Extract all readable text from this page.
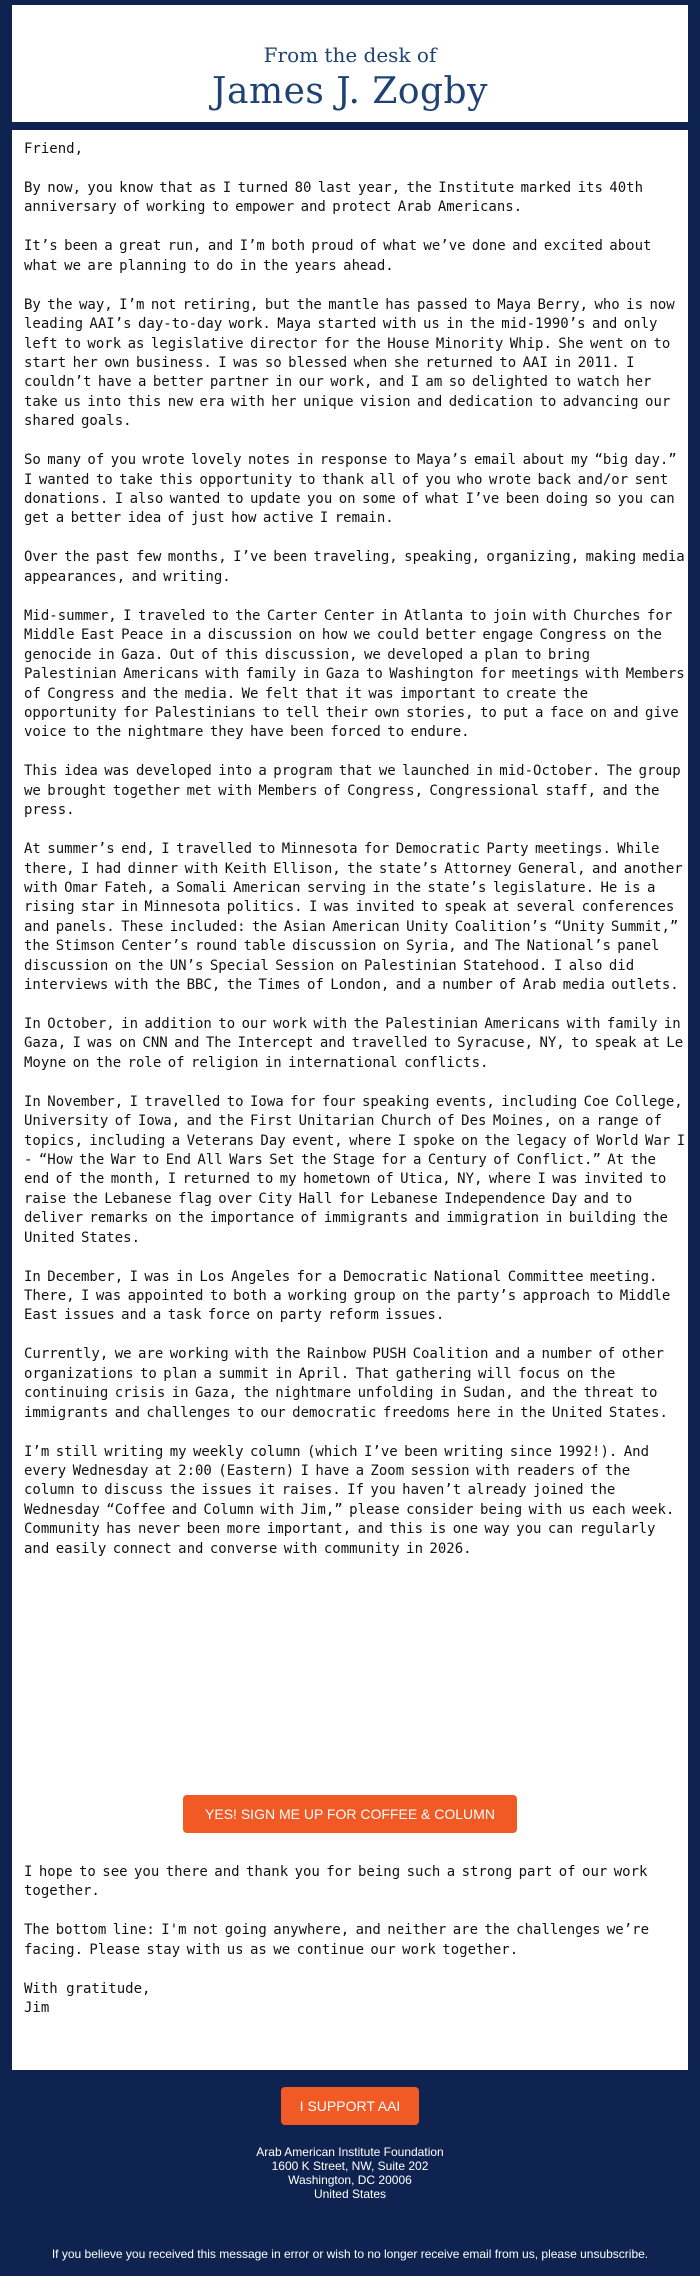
From the desk of
James J. Zogby

Friend,

By now, you know that as I turned 80 last year, the Institute marked its 40th anniversary of working to empower and protect Arab Americans.

It’s been a great run, and I’m both proud of what we’ve done and excited about what we are planning to do in the years ahead.

By the way, I’m not retiring, but the mantle has passed to Maya Berry, who is now leading AAI’s day-to-day work. Maya started with us in the mid-1990’s and only left to work as legislative director for the House Minority Whip. She went on to start her own business. I was so blessed when she returned to AAI in 2011. I couldn’t have a better partner in our work, and I am so delighted to watch her take us into this new era with her unique vision and dedication to advancing our shared goals.

So many of you wrote lovely notes in response to Maya’s email about my “big day.” I wanted to take this opportunity to thank all of you who wrote back and/or sent donations. I also wanted to update you on some of what I’ve been doing so you can get a better idea of just how active I remain.

Over the past few months, I’ve been traveling, speaking, organizing, making media appearances, and writing.

Mid-summer, I traveled to the Carter Center in Atlanta to join with Churches for Middle East Peace in a discussion on how we could better engage Congress on the genocide in Gaza. Out of this discussion, we developed a plan to bring Palestinian Americans with family in Gaza to Washington for meetings with Members of Congress and the media. We felt that it was important to create the opportunity for Palestinians to tell their own stories, to put a face on and give voice to the nightmare they have been forced to endure.

This idea was developed into a program that we launched in mid-October. The group we brought together met with Members of Congress, Congressional staff, and the press.

At summer’s end, I travelled to Minnesota for Democratic Party meetings. While there, I had dinner with Keith Ellison, the state’s Attorney General, and another with Omar Fateh, a Somali American serving in the state’s legislature. He is a rising star in Minnesota politics. I was invited to speak at several conferences and panels. These included: the Asian American Unity Coalition’s “Unity Summit,” the Stimson Center’s round table discussion on Syria, and The National’s panel discussion on the UN’s Special Session on Palestinian Statehood. I also did interviews with the BBC, the Times of London, and a number of Arab media outlets.

In October, in addition to our work with the Palestinian Americans with family in Gaza, I was on CNN and The Intercept and travelled to Syracuse, NY, to speak at Le Moyne on the role of religion in international conflicts.

In November, I travelled to Iowa for four speaking events, including Coe College, University of Iowa, and the First Unitarian Church of Des Moines, on a range of topics, including a Veterans Day event, where I spoke on the legacy of World War I - “How the War to End All Wars Set the Stage for a Century of Conflict.” At the end of the month, I returned to my hometown of Utica, NY, where I was invited to raise the Lebanese flag over City Hall for Lebanese Independence Day and to deliver remarks on the importance of immigrants and immigration in building the United States.

In December, I was in Los Angeles for a Democratic National Committee meeting. There, I was appointed to both a working group on the party’s approach to Middle East issues and a task force on party reform issues.

Currently, we are working with the Rainbow PUSH Coalition and a number of other organizations to plan a summit in April. That gathering will focus on the continuing crisis in Gaza, the nightmare unfolding in Sudan, and the threat to immigrants and challenges to our democratic freedoms here in the United States.

I’m still writing my weekly column (which I’ve been writing since 1992!). And every Wednesday at 2:00 (Eastern) I have a Zoom session with readers of the column to discuss the issues it raises. If you haven’t already joined the Wednesday “Coffee and Column with Jim,” please consider being with us each week. Community has never been more important, and this is one way you can regularly and easily connect and converse with community in 2026.

YES! SIGN ME UP FOR COFFEE & COLUMN

I hope to see you there and thank you for being such a strong part of our work together.

The bottom line: I'm not going anywhere, and neither are the challenges we’re facing. Please stay with us as we continue our work together.

With gratitude,
Jim
I SUPPORT AAI
Arab American Institute Foundation
1600 K Street, NW, Suite 202
Washington, DC 20006
United States
If you believe you received this message in error or wish to no longer receive email from us, please unsubscribe.
